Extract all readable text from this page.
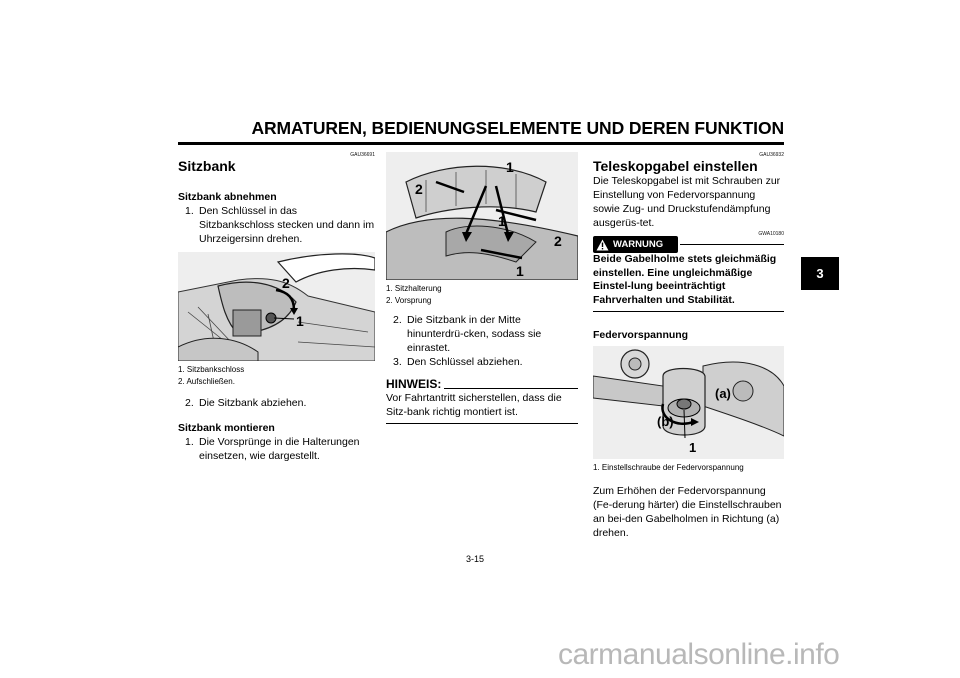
ARMATUREN, BEDIENUNGSELEMENTE UND DEREN FUNKTION
3
GAU36691
Sitzbank
Sitzbank abnehmen
1. Den Schlüssel in das Sitzbankschloss stecken und dann im Uhrzeigersinn drehen.
2
1
1. Sitzbankschloss
2. Aufschließen.
2. Die Sitzbank abziehen.
Sitzbank montieren
1. Die Vorsprünge in die Halterungen einsetzen, wie dargestellt.
1
2
1
2
1
1. Sitzhalterung
2. Vorsprung
2. Die Sitzbank in der Mitte hinunterdrü-cken, sodass sie einrastet.
3. Den Schlüssel abziehen.
HINWEIS:
Vor Fahrtantritt sicherstellen, dass die Sitz-bank richtig montiert ist.
GAU36932
Teleskopgabel einstellen
Die Teleskopgabel ist mit Schrauben zur Einstellung von Federvorspannung sowie Zug- und Druckstufendämpfung ausgerüs-tet.
WARNUNG
GWA10180
Beide Gabelholme stets gleichmäßig einstellen. Eine ungleichmäßige Einstel-lung beeinträchtigt Fahrverhalten und Stabilität.
Federvorspannung
(a)
(b)
1
1. Einstellschraube der Federvorspannung
Zum Erhöhen der Federvorspannung (Fe-derung härter) die Einstellschrauben an bei-den Gabelholmen in Richtung (a) drehen.
3-15
carmanualsonline.info
